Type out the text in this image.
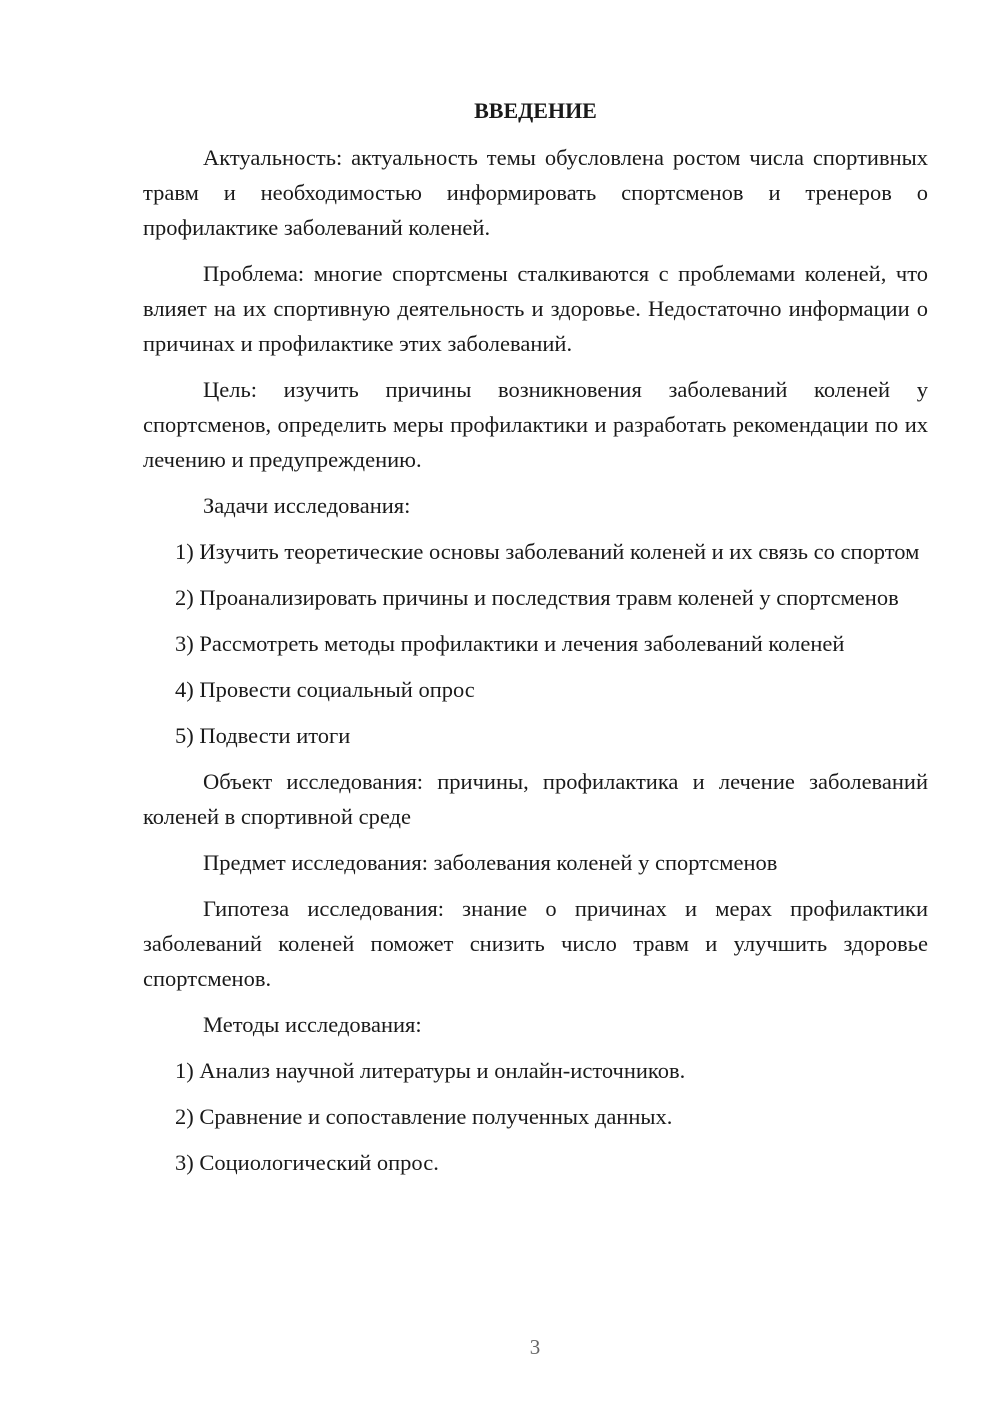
ВВЕДЕНИЕ

Актуальность: актуальность темы обусловлена ростом числа спортивных травм и необходимостью информировать спортсменов и тренеров о профилактике заболеваний коленей.

Проблема: многие спортсмены сталкиваются с проблемами коленей, что влияет на их спортивную деятельность и здоровье. Недостаточно информации о причинах и профилактике этих заболеваний.

Цель: изучить причины возникновения заболеваний коленей у спортсменов, определить меры профилактики и разработать рекомендации по их лечению и предупреждению.

Задачи исследования:

1) Изучить теоретические основы заболеваний коленей и их связь со спортом

2) Проанализировать причины и последствия травм коленей у спортсменов

3) Рассмотреть методы профилактики и лечения заболеваний коленей

4) Провести социальный опрос

5) Подвести итоги

Объект исследования: причины, профилактика и лечение заболеваний коленей в спортивной среде

Предмет исследования: заболевания коленей у спортсменов

Гипотеза исследования: знание о причинах и мерах профилактики заболеваний коленей поможет снизить число травм и улучшить здоровье спортсменов.

Методы исследования:

1) Анализ научной литературы и онлайн-источников.

2) Сравнение и сопоставление полученных данных.

3) Социологический опрос.

3
